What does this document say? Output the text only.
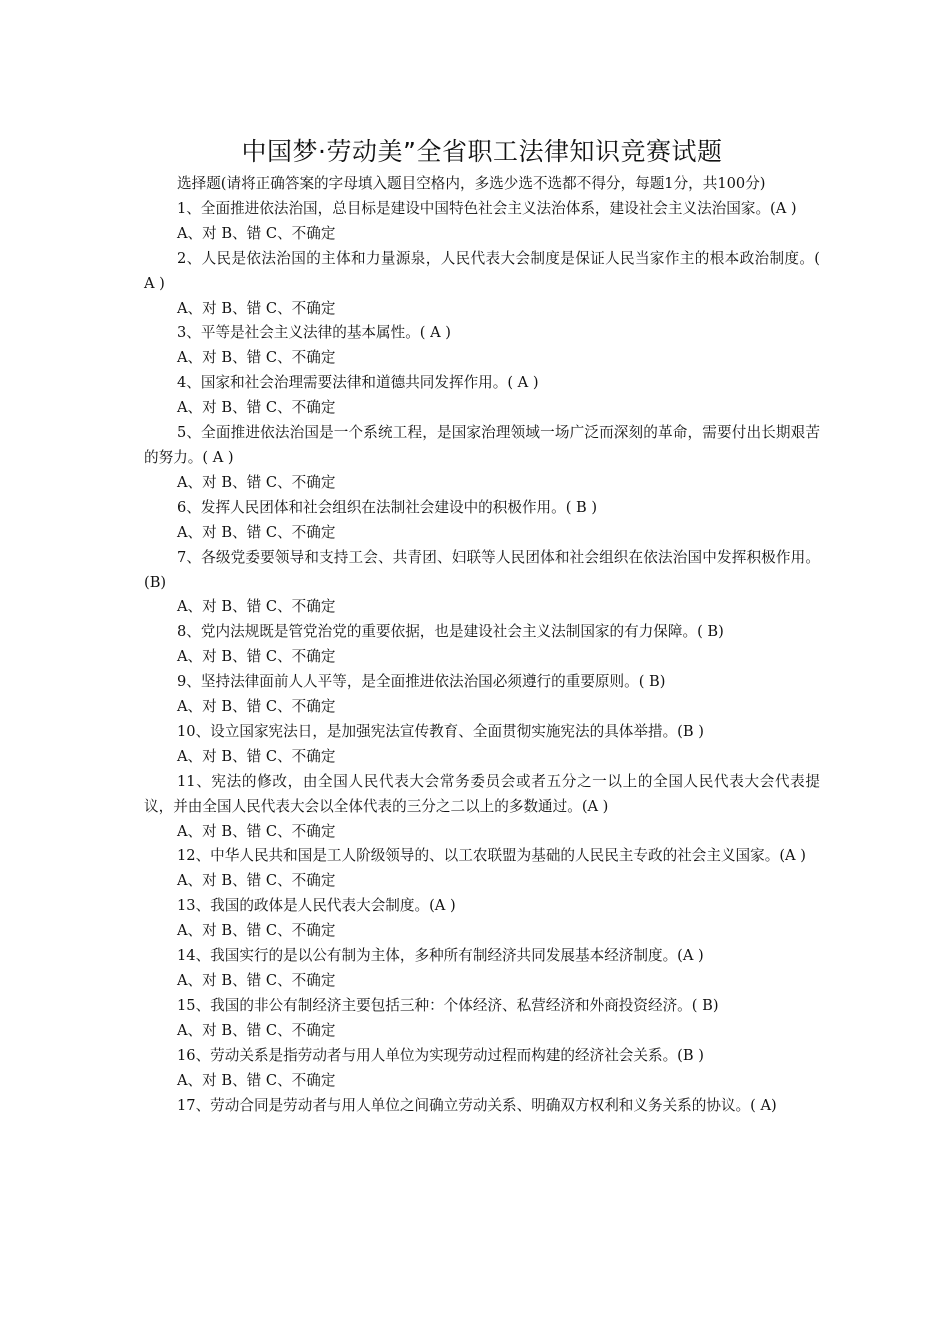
中国梦·劳动美”全省职工法律知识竞赛试题

选择题(请将正确答案的字母填入题目空格内，多选少选不选都不得分，每题1分，共100分)

1、全面推进依法治国，总目标是建设中国特色社会主义法治体系，建设社会主义法治国家。(A )

A、对 B、错 C、不确定

2、人民是依法治国的主体和力量源泉，人民代表大会制度是保证人民当家作主的根本政治制度。( A )

A、对 B、错 C、不确定

3、平等是社会主义法律的基本属性。( A )

A、对 B、错 C、不确定

4、国家和社会治理需要法律和道德共同发挥作用。( A )

A、对 B、错 C、不确定

5、全面推进依法治国是一个系统工程，是国家治理领域一场广泛而深刻的革命，需要付出长期艰苦的努力。( A )

A、对 B、错 C、不确定

6、发挥人民团体和社会组织在法制社会建设中的积极作用。( B )

A、对 B、错 C、不确定

7、各级党委要领导和支持工会、共青团、妇联等人民团体和社会组织在依法治国中发挥积极作用。(B)

A、对 B、错 C、不确定

8、党内法规既是管党治党的重要依据，也是建设社会主义法制国家的有力保障。( B)

A、对 B、错 C、不确定

9、坚持法律面前人人平等，是全面推进依法治国必须遵行的重要原则。( B)

A、对 B、错 C、不确定

10、设立国家宪法日，是加强宪法宣传教育、全面贯彻实施宪法的具体举措。(B )

A、对 B、错 C、不确定

11、宪法的修改，由全国人民代表大会常务委员会或者五分之一以上的全国人民代表大会代表提议，并由全国人民代表大会以全体代表的三分之二以上的多数通过。(A )

A、对 B、错 C、不确定

12、中华人民共和国是工人阶级领导的、以工农联盟为基础的人民民主专政的社会主义国家。(A )

A、对 B、错 C、不确定

13、我国的政体是人民代表大会制度。(A )

A、对 B、错 C、不确定

14、我国实行的是以公有制为主体，多种所有制经济共同发展基本经济制度。(A )

A、对 B、错 C、不确定

15、我国的非公有制经济主要包括三种：个体经济、私营经济和外商投资经济。( B)

A、对 B、错 C、不确定

16、劳动关系是指劳动者与用人单位为实现劳动过程而构建的经济社会关系。(B )

A、对 B、错 C、不确定

17、劳动合同是劳动者与用人单位之间确立劳动关系、明确双方权利和义务关系的协议。( A)
